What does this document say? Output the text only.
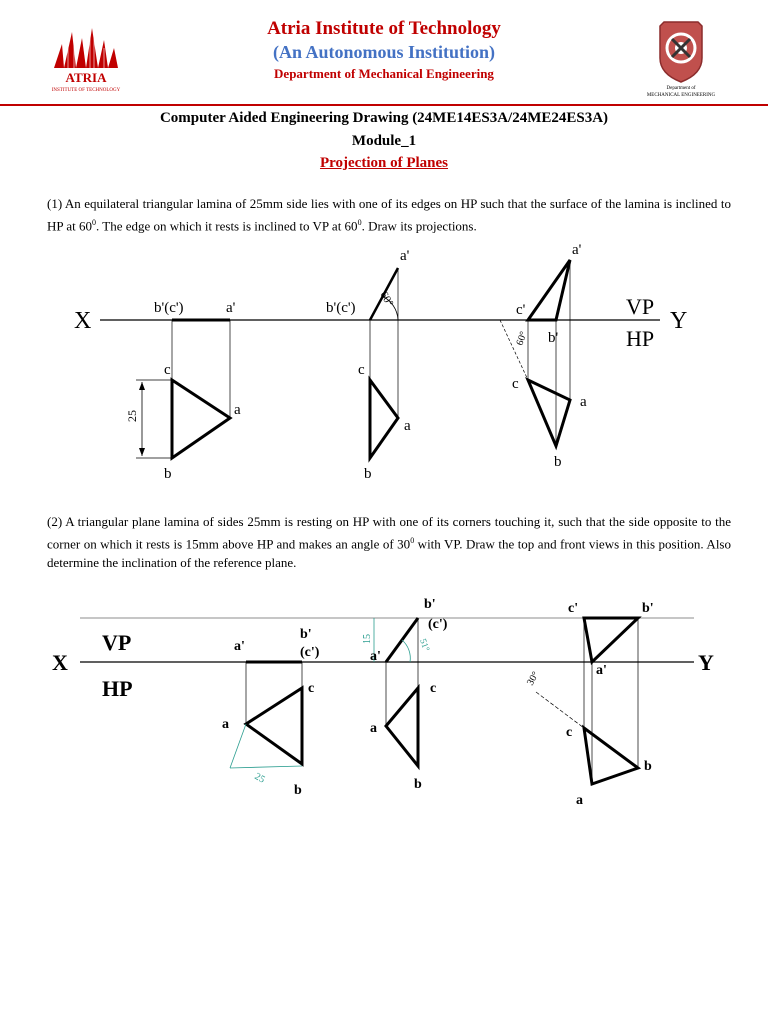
ATRIA
INSTITUTE OF TECHNOLOGY
Atria Institute of Technology
(An Autonomous Institution)
Department of Mechanical Engineering
Department of
MECHANICAL ENGINEERING
Computer Aided Engineering Drawing (24ME14ES3A/24ME24ES3A)
Module_1
Projection of Planes
(1) An equilateral triangular lamina of 25mm side lies with one of its edges on HP such that the surface of the lamina is inclined to HP at $60^0$. The edge on which it rests is inclined to VP at $60^0$. Draw its projections.
X	Y
VP
HP
25
b'(c')	a'
c
a
b
60°
b'(c')
a'
c
a
b
60°
a'
c'
b'
c
a
b
(2) A triangular plane lamina of sides 25mm is resting on HP with one of its corners touching it, such that the side opposite to the corner on which it rests is 15mm above HP and makes an angle of $30^0$ with VP. Draw the top and front views in this position. Also determine the inclination of the reference plane.
X	Y
VP
HP
25
a'
b'
(c')
c
a
b
15	51°
b'
(c')
a'
c
a
b
30°
c'	b'
a'
c
b
a
